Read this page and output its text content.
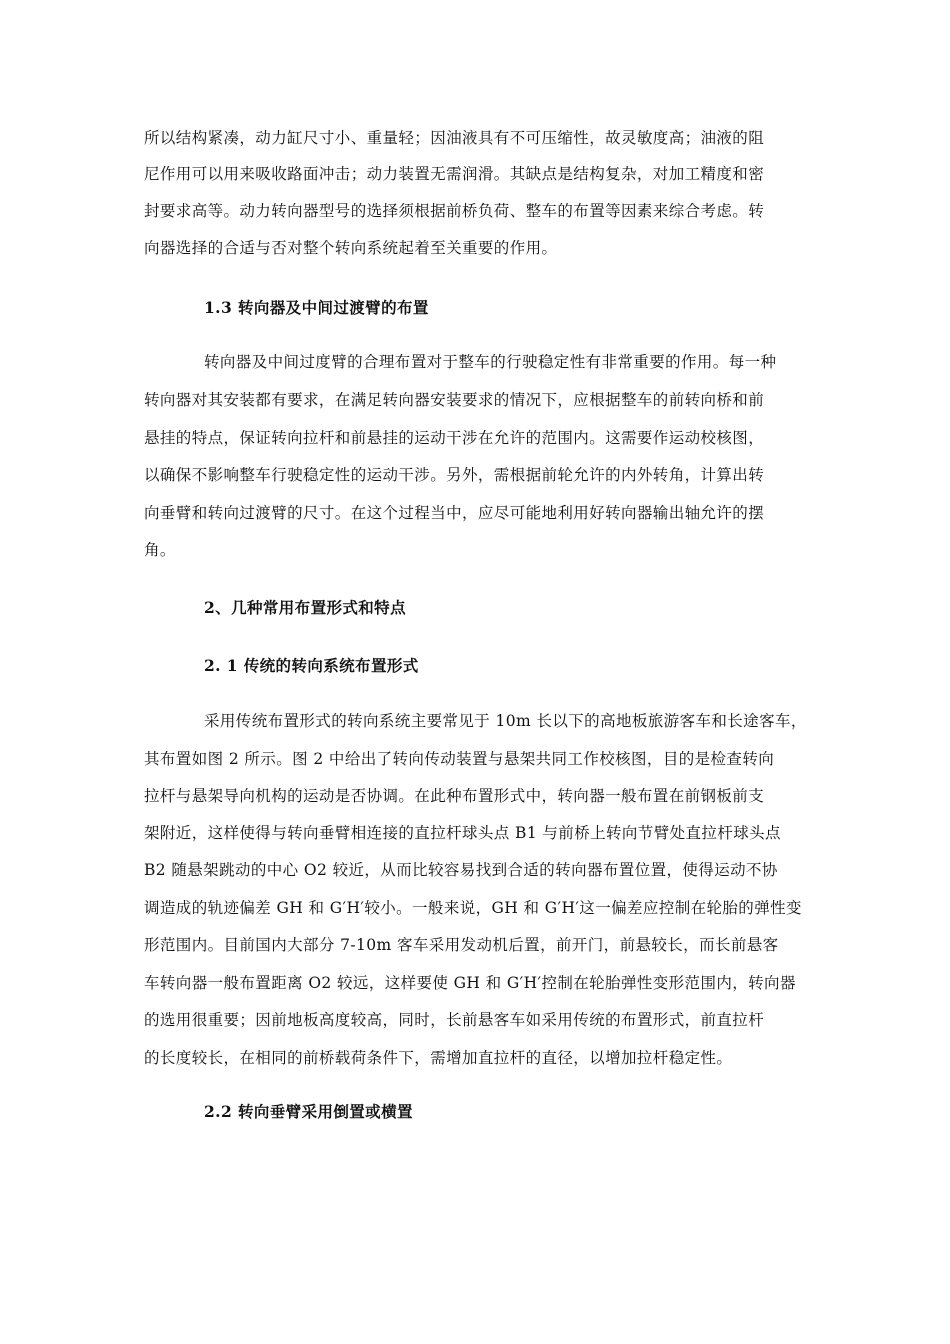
所以结构紧凑，动力缸尺寸小、重量轻；因油液具有不可压缩性，故灵敏度高；油液的阻
尼作用可以用来吸收路面冲击；动力装置无需润滑。其缺点是结构复杂，对加工精度和密
封要求高等。动力转向器型号的选择须根据前桥负荷、整车的布置等因素来综合考虑。转
向器选择的合适与否对整个转向系统起着至关重要的作用。
1.3 转向器及中间过渡臂的布置
转向器及中间过度臂的合理布置对于整车的行驶稳定性有非常重要的作用。每一种
转向器对其安装都有要求，在满足转向器安装要求的情况下，应根据整车的前转向桥和前
悬挂的特点，保证转向拉杆和前悬挂的运动干涉在允许的范围内。这需要作运动校核图，
以确保不影响整车行驶稳定性的运动干涉。另外，需根据前轮允许的内外转角，计算出转
向垂臂和转向过渡臂的尺寸。在这个过程当中，应尽可能地利用好转向器输出轴允许的摆
角。
2、几种常用布置形式和特点
2. 1 传统的转向系统布置形式
采用传统布置形式的转向系统主要常见于 10m 长以下的高地板旅游客车和长途客车，
其布置如图 2 所示。图 2 中给出了转向传动装置与悬架共同工作校核图，目的是检查转向
拉杆与悬架导向机构的运动是否协调。在此种布置形式中，转向器一般布置在前钢板前支
架附近，这样使得与转向垂臂相连接的直拉杆球头点 B1 与前桥上转向节臂处直拉杆球头点
B2 随悬架跳动的中心 O2 较近，从而比较容易找到合适的转向器布置位置，使得运动不协
调造成的轨迹偏差 GH 和 G′H′较小。一般来说，GH 和 G′H′这一偏差应控制在轮胎的弹性变
形范围内。目前国内大部分 7-10m 客车采用发动机后置，前开门，前悬较长，而长前悬客
车转向器一般布置距离 O2 较远，这样要使 GH 和 G′H′控制在轮胎弹性变形范围内，转向器
的选用很重要；因前地板高度较高，同时，长前悬客车如采用传统的布置形式，前直拉杆
的长度较长，在相同的前桥载荷条件下，需增加直拉杆的直径，以增加拉杆稳定性。
2.2 转向垂臂采用倒置或横置
